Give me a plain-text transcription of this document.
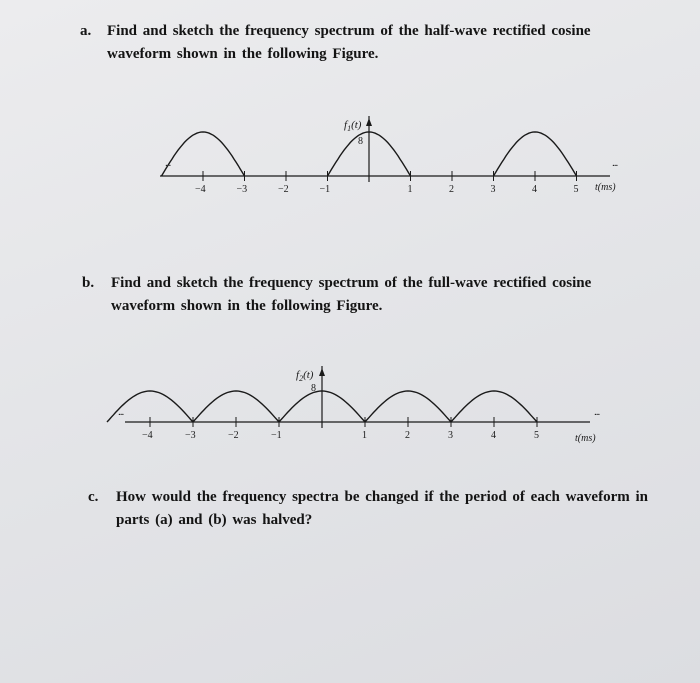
a. Find and sketch the frequency spectrum of the half-wave rectified cosine waveform shown in the following Figure.
$f_1(t)$
8
−4	−3	−2	−1	1	2	3	4	5
...	...
t(ms)
b. Find and sketch the frequency spectrum of the full-wave rectified cosine waveform shown in the following Figure.
$f_2(t)$
8
−4	−3	−2	−1	1	2	3	4	5
...	...
t(ms)
c. How would the frequency spectra be changed if the period of each waveform in parts (a) and (b) was halved?
